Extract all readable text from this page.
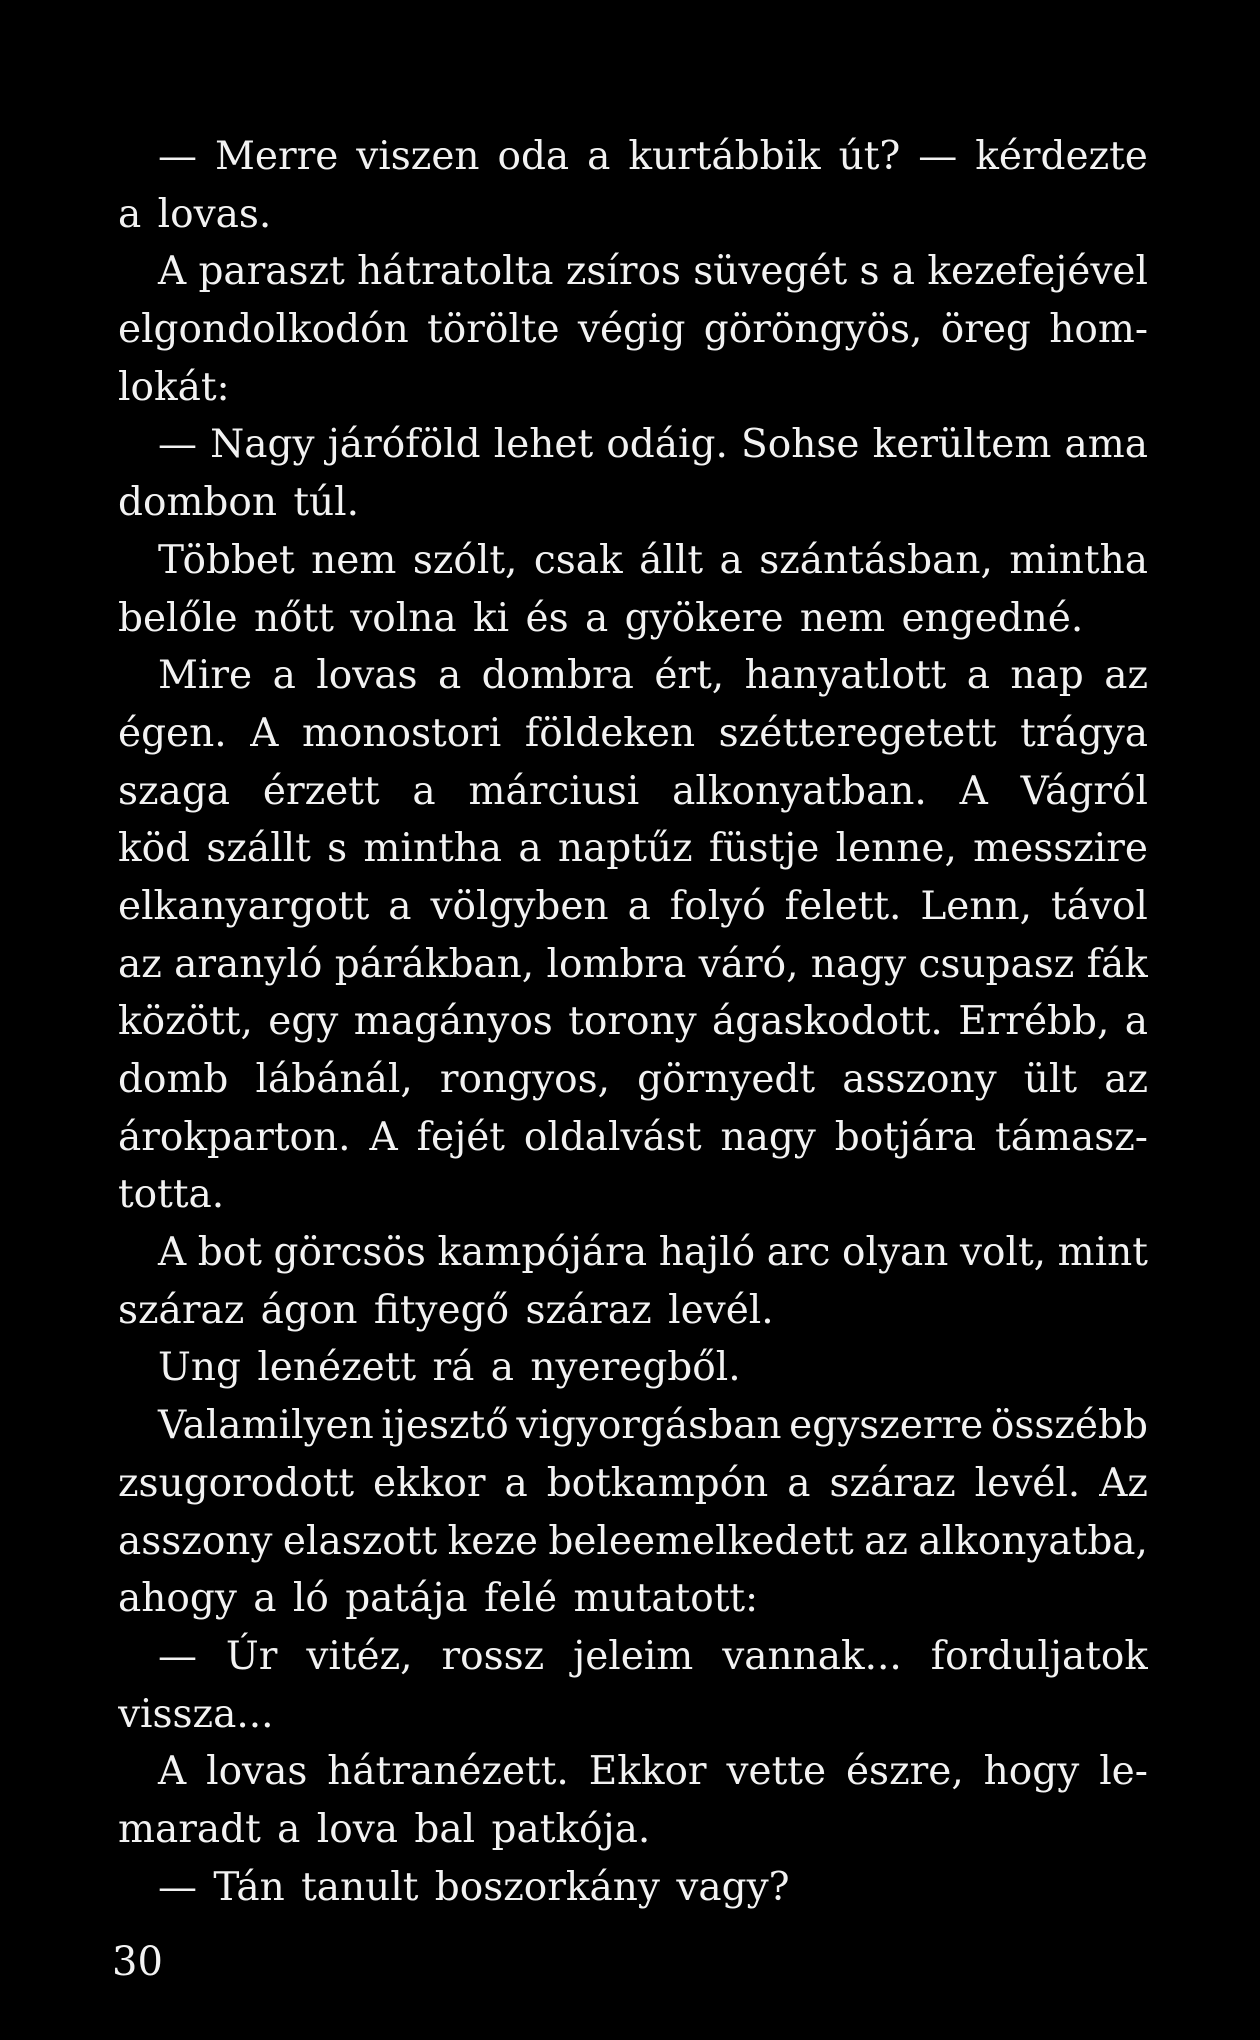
— Merre viszen oda a kurtábbik út? — kérdezte
a lovas.
A paraszt hátratolta zsíros süvegét s a kezefejével
elgondolkodón törölte végig göröngyös, öreg hom-
lokát:
— Nagy járóföld lehet odáig. Sohse kerültem ama
dombon túl.
Többet nem szólt, csak állt a szántásban, mintha
belőle nőtt volna ki és a gyökere nem engedné.
Mire a lovas a dombra ért, hanyatlott a nap az
égen. A monostori földeken szétteregetett trágya
szaga érzett a márciusi alkonyatban. A Vágról
köd szállt s mintha a naptűz füstje lenne, messzire
elkanyargott a völgyben a folyó felett. Lenn, távol
az aranyló párákban, lombra váró, nagy csupasz fák
között, egy magányos torony ágaskodott. Errébb, a
domb lábánál, rongyos, görnyedt asszony ült az
árokparton. A fejét oldalvást nagy botjára támasz-
totta.
A bot görcsös kampójára hajló arc olyan volt, mint
száraz ágon fityegő száraz levél.
Ung lenézett rá a nyeregből.
Valamilyen ijesztő vigyorgásban egyszerre összébb
zsugorodott ekkor a botkampón a száraz levél. Az
asszony elaszott keze beleemelkedett az alkonyatba,
ahogy a ló patája felé mutatott:
— Úr vitéz, rossz jeleim vannak... forduljatok
vissza...
A lovas hátranézett. Ekkor vette észre, hogy le-
maradt a lova bal patkója.
— Tán tanult boszorkány vagy?
30
